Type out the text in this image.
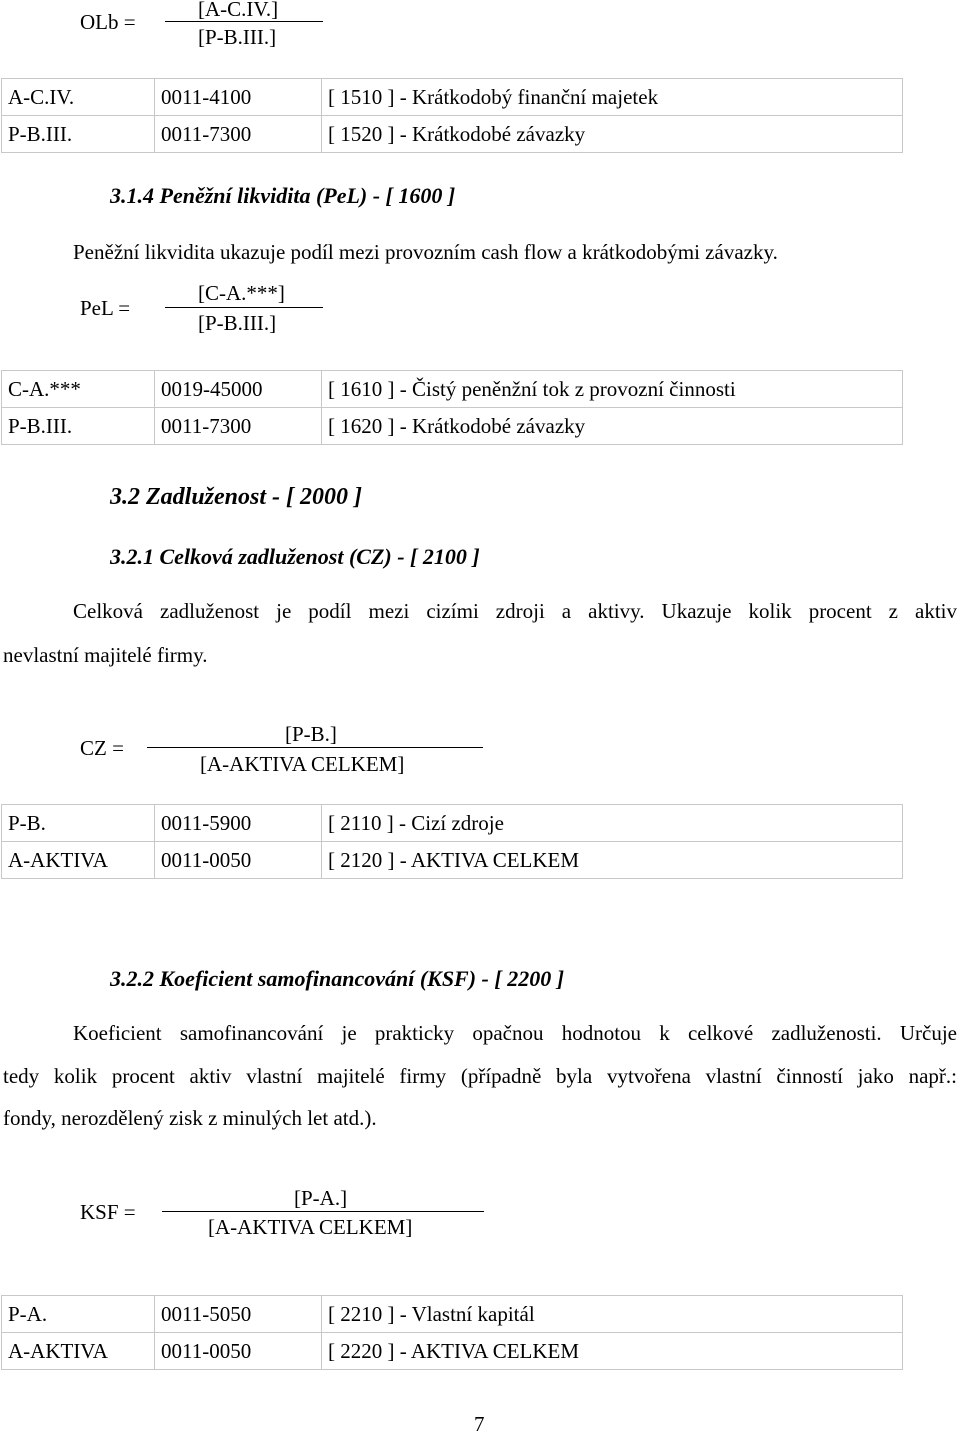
OLb =
[A-C.IV.]
[P-B.III.]
A-C.IV.	0011-4100	[ 1510 ] - Krátkodobý finanční majetek
P-B.III.	0011-7300	[ 1520 ] - Krátkodobé závazky
3.1.4 Peněžní likvidita (PeL) - [ 1600 ]
Peněžní likvidita ukazuje podíl mezi provozním cash flow a krátkodobými závazky.
PeL =
[C-A.***]
[P-B.III.]
C-A.***	0019-45000	[ 1610 ] - Čistý peněnžní tok z provozní činnosti
P-B.III.	0011-7300	[ 1620 ] - Krátkodobé závazky
3.2 Zadluženost - [ 2000 ]
3.2.1 Celková zadluženost (CZ) - [ 2100 ]
Celková zadluženost je podíl mezi cizími zdroji a aktivy. Ukazuje kolik procent z aktiv
nevlastní majitelé firmy.
CZ =
[P-B.]
[A-AKTIVA CELKEM]
P-B.	0011-5900	[ 2110 ] - Cizí zdroje
A-AKTIVA	0011-0050	[ 2120 ] - AKTIVA CELKEM
3.2.2 Koeficient samofinancování (KSF) - [ 2200 ]
Koeficient samofinancování je prakticky opačnou hodnotou k celkové zadluženosti. Určuje
tedy kolik procent aktiv vlastní majitelé firmy (případně byla vytvořena vlastní činností jako např.:
fondy, nerozdělený zisk z minulých let atd.).
KSF =
[P-A.]
[A-AKTIVA CELKEM]
P-A.	0011-5050	[ 2210 ] - Vlastní kapitál
A-AKTIVA	0011-0050	[ 2220 ] - AKTIVA CELKEM
7
